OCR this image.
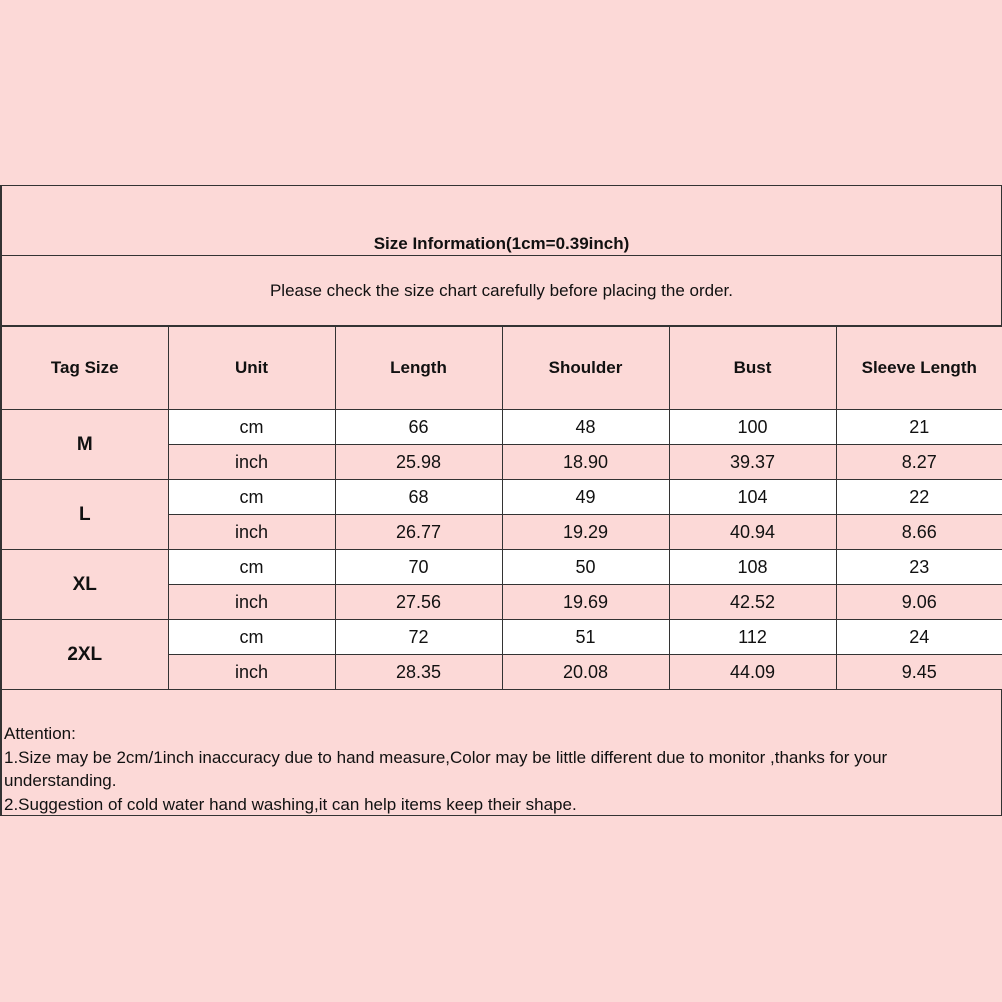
Size Information(1cm=0.39inch)
Please check the size chart carefully before placing the order.
Tag Size	Unit	Length	Shoulder	Bust	Sleeve Length
M	cm	66	48	100	21
	inch	25.98	18.90	39.37	8.27
L	cm	68	49	104	22
	inch	26.77	19.29	40.94	8.66
XL	cm	70	50	108	23
	inch	27.56	19.69	42.52	9.06
2XL	cm	72	51	112	24
	inch	28.35	20.08	44.09	9.45
Attention:
1.Size may be 2cm/1inch inaccuracy due to hand measure,Color may be little different due to monitor ,thanks for your understanding.
2.Suggestion of cold water hand washing,it can help items keep their shape.
